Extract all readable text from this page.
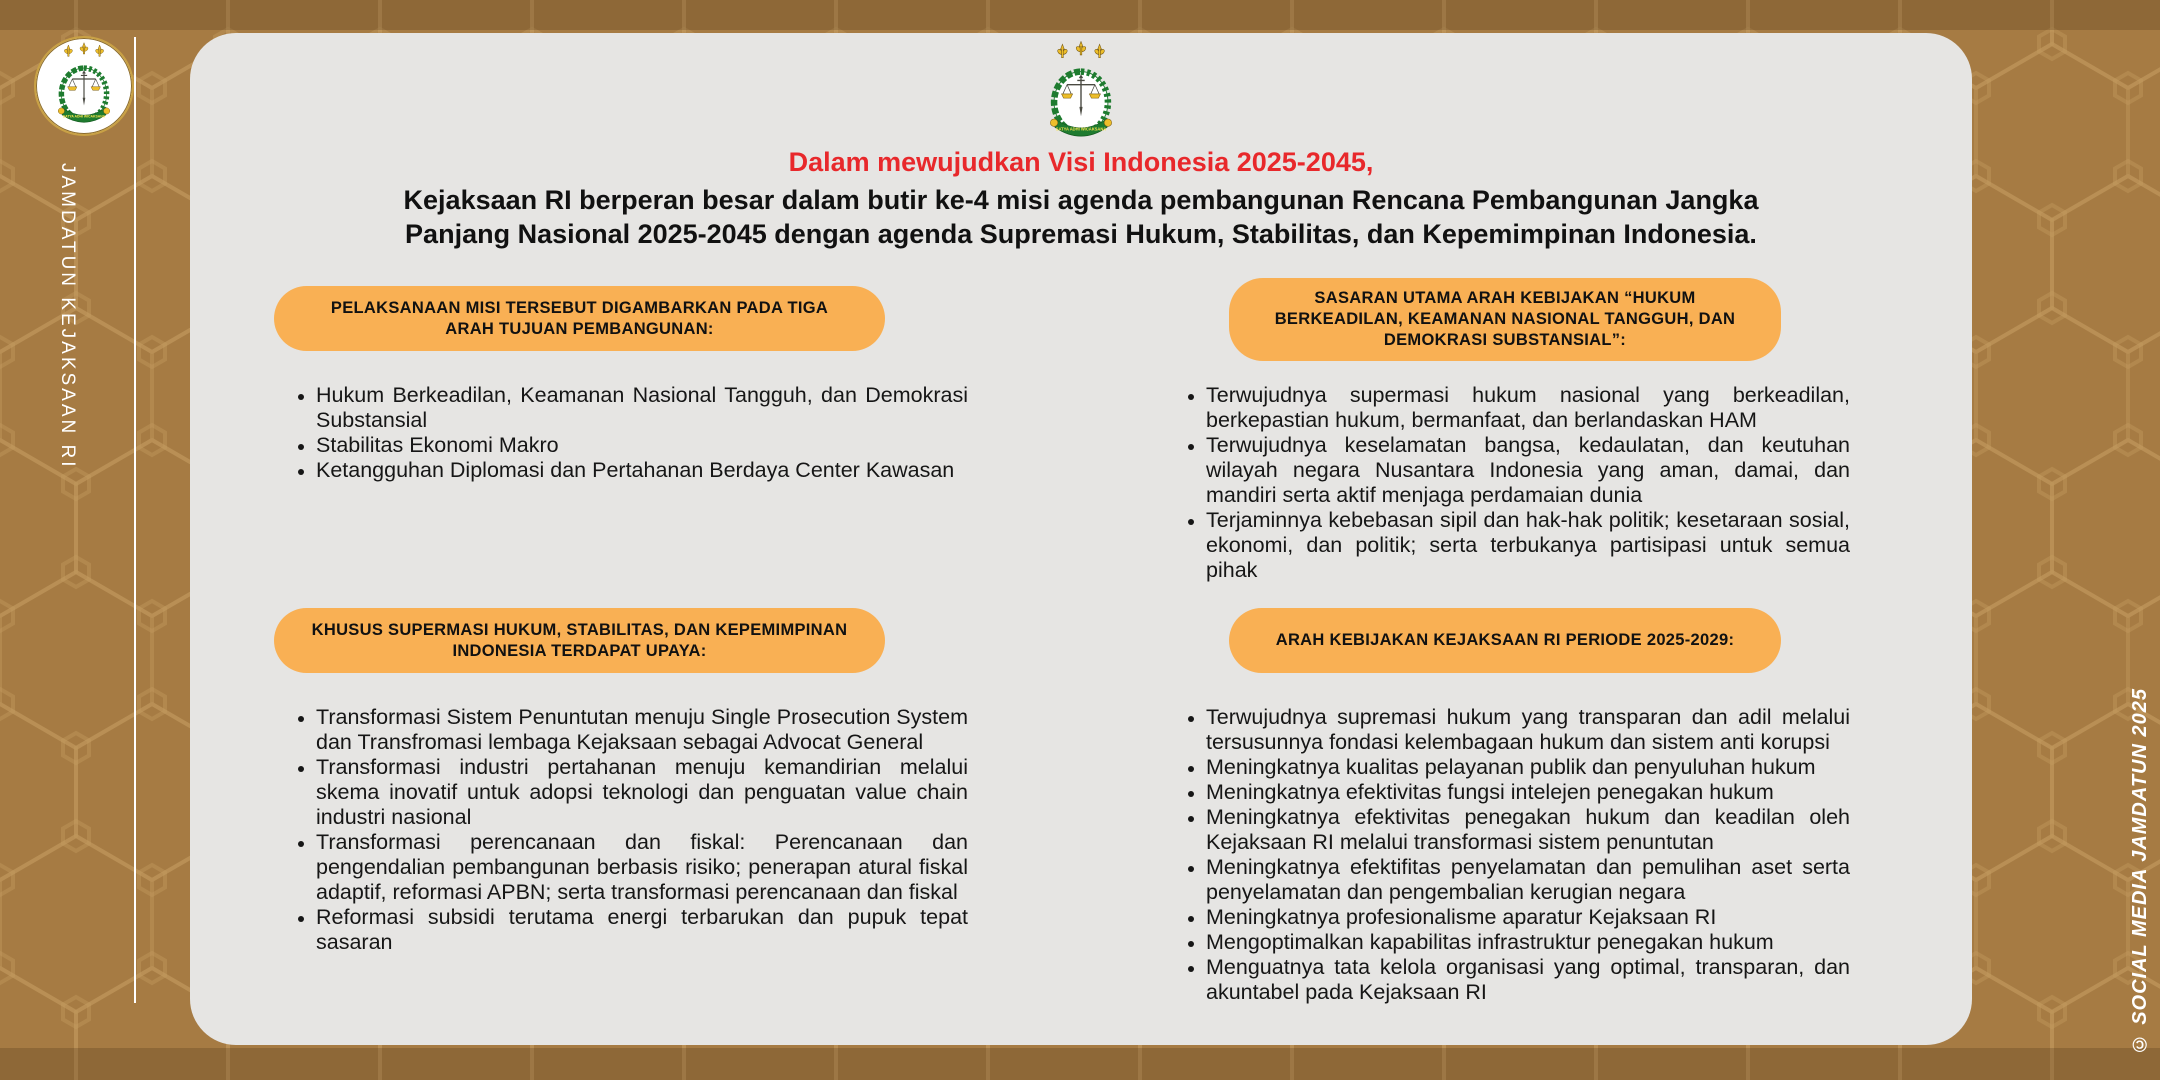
JAMDATUN KEJAKSAAN RI
Dalam mewujudkan Visi Indonesia 2025-2045,
Kejaksaan RI berperan besar dalam butir ke-4 misi agenda pembangunan Rencana Pembangunan Jangka Panjang Nasional 2025-2045 dengan agenda Supremasi Hukum, Stabilitas, dan Kepemimpinan Indonesia.
PELAKSANAAN MISI TERSEBUT DIGAMBARKAN PADA TIGA ARAH TUJUAN PEMBANGUNAN:
SASARAN UTAMA ARAH KEBIJAKAN “HUKUM BERKEADILAN, KEAMANAN NASIONAL TANGGUH, DAN DEMOKRASI SUBSTANSIAL”:
KHUSUS SUPERMASI HUKUM, STABILITAS, DAN KEPEMIMPINAN INDONESIA TERDAPAT UPAYA:
ARAH KEBIJAKAN KEJAKSAAN RI PERIODE 2025-2029:
• Hukum Berkeadilan, Keamanan Nasional Tangguh, dan Demokrasi Substansial
• Stabilitas Ekonomi Makro
• Ketangguhan Diplomasi dan Pertahanan Berdaya Center Kawasan
• Terwujudnya supermasi hukum nasional yang berkeadilan, berkepastian hukum, bermanfaat, dan berlandaskan HAM
• Terwujudnya keselamatan bangsa, kedaulatan, dan keutuhan wilayah negara Nusantara Indonesia yang aman, damai, dan mandiri serta aktif menjaga perdamaian dunia
• Terjaminnya kebebasan sipil dan hak-hak politik; kesetaraan sosial, ekonomi, dan politik; serta terbukanya partisipasi untuk semua pihak
• Transformasi Sistem Penuntutan menuju Single Prosecution System dan Transfromasi lembaga Kejaksaan sebagai Advocat General
• Transformasi industri pertahanan menuju kemandirian melalui skema inovatif untuk adopsi teknologi dan penguatan value chain industri nasional
• Transformasi perencanaan dan fiskal: Perencanaan dan pengendalian pembangunan berbasis risiko; penerapan atural fiskal adaptif, reformasi APBN; serta transformasi perencanaan dan fiskal
• Reformasi subsidi terutama energi terbarukan dan pupuk tepat sasaran
• Terwujudnya supremasi hukum yang transparan dan adil melalui tersusunnya fondasi kelembagaan hukum dan sistem anti korupsi
• Meningkatnya kualitas pelayanan publik dan penyuluhan hukum
• Meningkatnya efektivitas fungsi intelejen penegakan hukum
• Meningkatnya efektivitas penegakan hukum dan keadilan oleh Kejaksaan RI melalui transformasi sistem penuntutan
• Meningkatnya efektifitas penyelamatan dan pemulihan aset serta penyelamatan dan pengembalian kerugian negara
• Meningkatnya profesionalisme aparatur Kejaksaan RI
• Mengoptimalkan kapabilitas infrastruktur penegakan hukum
• Menguatnya tata kelola organisasi yang optimal, transparan, dan akuntabel pada Kejaksaan RI	© SOCIAL MEDIA JAMDATUN 2025
